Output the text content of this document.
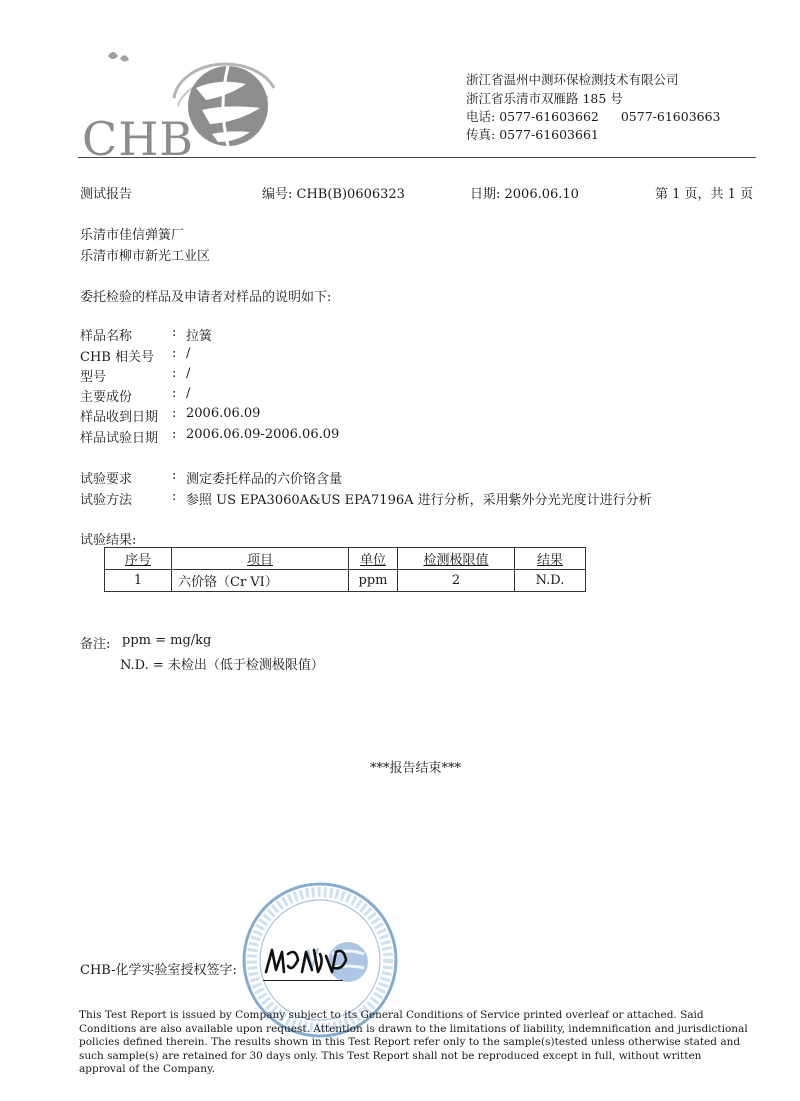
CHB
浙江省温州中测环保检测技术有限公司
浙江省乐清市双雁路 185 号
电话: 0577-61603662 0577-61603663
传真: 0577-61603661
测试报告	编号: CHB(B)0606323	日期: 2006.06.10	第 1 页，共 1 页
乐清市佳信弹簧厂
乐清市柳市新光工业区
委托检验的样品及申请者对样品的说明如下:
样品名称	: 拉簧
CHB 相关号 : /
型号	: /
主要成份	: /
样品收到日期 : 2006.06.09
样品试验日期 : 2006.06.09-2006.06.09
试验要求	: 测定委托样品的六价铬含量
试验方法	: 参照 US EPA3060A&US EPA7196A 进行分析，采用紫外分光光度计进行分析
试验结果:
序号	项目	单位	检测极限值	结果
1	六价铬（Cr VI）	ppm	2	N.D.
备注: ppm = mg/kg
N.D. = 未检出（低于检测极限值）
***报告结束***
CHB-化学实验室授权签字:
This Test Report is issued by Company subject to its General Conditions of Service printed overleaf or attached. Said Conditions are also available upon request. Attention is drawn to the limitations of liability, indemnification and jurisdictional policies defined therein. The results shown in this Test Report refer only to the sample(s)tested unless otherwise stated and such sample(s) are retained for 30 days only. This Test Report shall not be reproduced except in full, without written approval of the Company.
